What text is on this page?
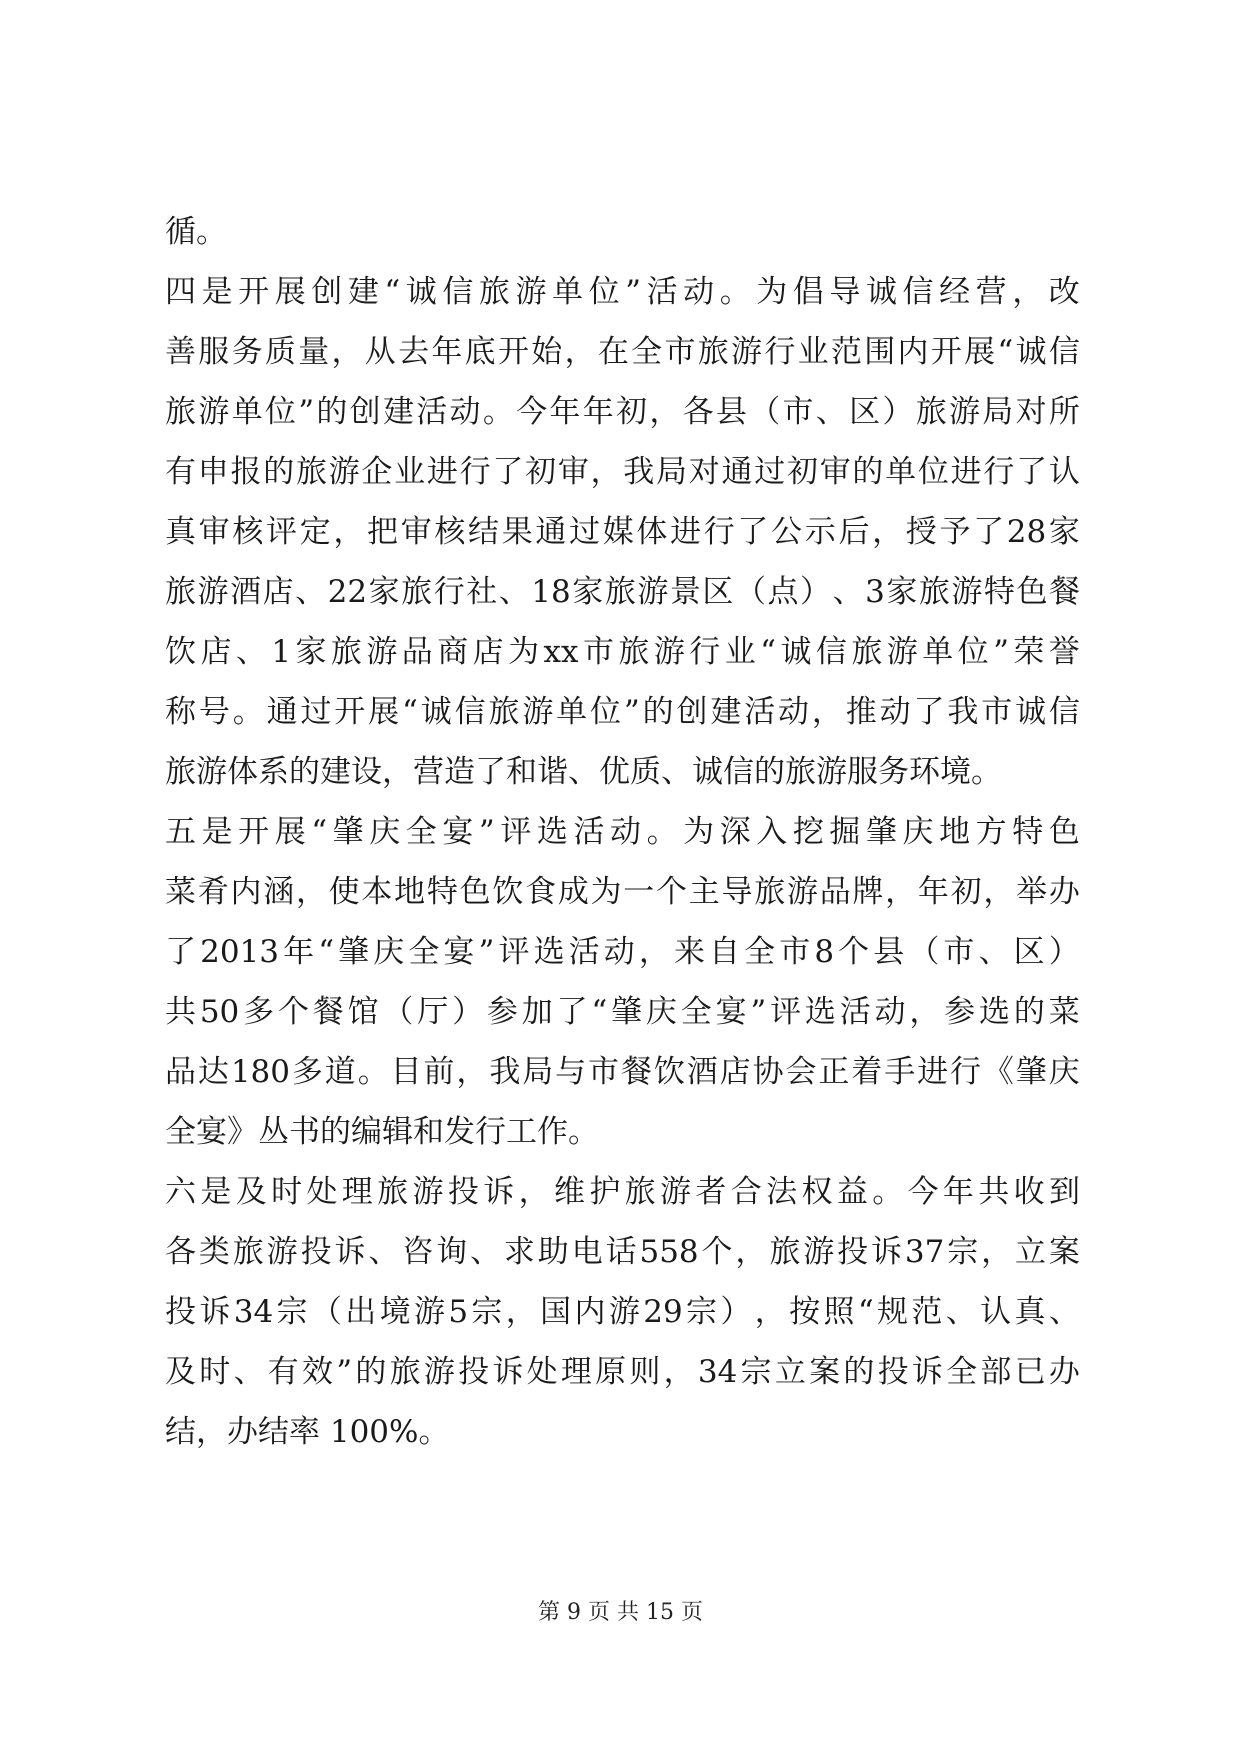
循。
四 是 开 展 创 建 “ 诚 信 旅 游 单 位 ” 活 动 。 为 倡 导 诚 信 经 营 ， 改
善 服 务 质 量 ， 从 去 年 底 开 始 ， 在 全 市 旅 游 行 业 范 围 内 开 展 “ 诚 信
旅 游 单 位 ” 的 创 建 活 动 。 今 年 年 初 ， 各 县 （ 市 、 区 ） 旅 游 局 对 所
有 申 报 的 旅 游 企 业 进 行 了 初 审 ， 我 局 对 通 过 初 审 的 单 位 进 行 了 认
真 审 核 评 定 ， 把 审 核 结 果 通 过 媒 体 进 行 了 公 示 后 ， 授 予 了 28 家
旅 游 酒 店 、 22 家 旅 行 社 、 18 家 旅 游 景 区 （ 点 ） 、 3 家 旅 游 特 色 餐
饮 店 、 1 家 旅 游 品 商 店 为 xx 市 旅 游 行 业 “ 诚 信 旅 游 单 位 ” 荣 誉
称 号 。 通 过 开 展 “ 诚 信 旅 游 单 位 ” 的 创 建 活 动 ， 推 动 了 我 市 诚 信
旅游体系的建设，营造了和谐、优质、诚信的旅游服务环境。
五 是 开 展 “ 肇 庆 全 宴 ” 评 选 活 动 。 为 深 入 挖 掘 肇 庆 地 方 特 色
菜 肴 内 涵 ， 使 本 地 特 色 饮 食 成 为 一 个 主 导 旅 游 品 牌 ， 年 初 ， 举 办
了 2013 年 “ 肇 庆 全 宴 ” 评 选 活 动 ， 来 自 全 市 8 个 县 （ 市 、 区 ）
共 50 多 个 餐 馆 （ 厅 ） 参 加 了 “ 肇 庆 全 宴 ” 评 选 活 动 ， 参 选 的 菜
品 达 180 多 道 。 目 前 ， 我 局 与 市 餐 饮 酒 店 协 会 正 着 手 进 行 《 肇 庆
全宴》丛书的编辑和发行工作。
六 是 及 时 处 理 旅 游 投 诉 ， 维 护 旅 游 者 合 法 权 益 。 今 年 共 收 到
各 类 旅 游 投 诉 、 咨 询 、 求 助 电 话 558 个 ， 旅 游 投 诉 37 宗 ， 立 案
投 诉 34 宗 （ 出 境 游 5 宗 ， 国 内 游 29 宗 ） ， 按 照 “ 规 范 、 认 真 、
及 时 、 有 效 ” 的 旅 游 投 诉 处 理 原 则 ， 34 宗 立 案 的 投 诉 全 部 已 办
结，办结率 100%。
第 9 页 共 15 页
